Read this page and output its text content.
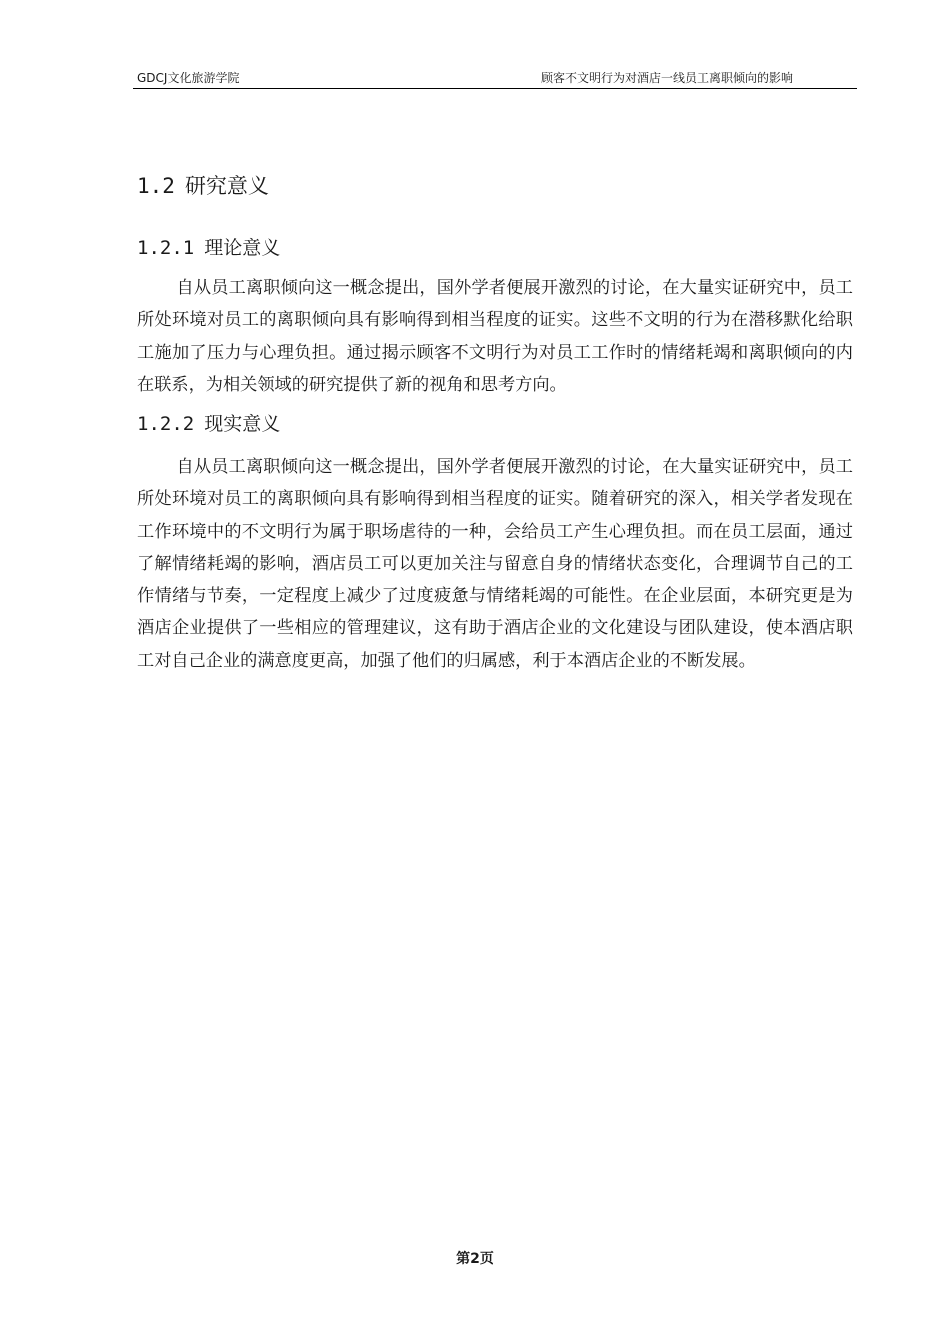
GDCJ文化旅游学院	顾客不文明行为对酒店一线员工离职倾向的影响
1.2 研究意义
1.2.1 理论意义

自从员工离职倾向这一概念提出，国外学者便展开激烈的讨论，在大量实证研究中，员工所处环境对员工的离职倾向具有影响得到相当程度的证实。这些不文明的行为在潜移默化给职工施加了压力与心理负担。通过揭示顾客不文明行为对员工工作时的情绪耗竭和离职倾向的内在联系，为相关领域的研究提供了新的视角和思考方向。

1.2.2 现实意义

自从员工离职倾向这一概念提出，国外学者便展开激烈的讨论，在大量实证研究中，员工所处环境对员工的离职倾向具有影响得到相当程度的证实。随着研究的深入，相关学者发现在工作环境中的不文明行为属于职场虐待的一种，会给员工产生心理负担。而在员工层面，通过了解情绪耗竭的影响，酒店员工可以更加关注与留意自身的情绪状态变化，合理调节自己的工作情绪与节奏，一定程度上减少了过度疲惫与情绪耗竭的可能性。在企业层面，本研究更是为酒店企业提供了一些相应的管理建议，这有助于酒店企业的文化建设与团队建设，使本酒店职工对自己企业的满意度更高，加强了他们的归属感，利于本酒店企业的不断发展。

第2页
